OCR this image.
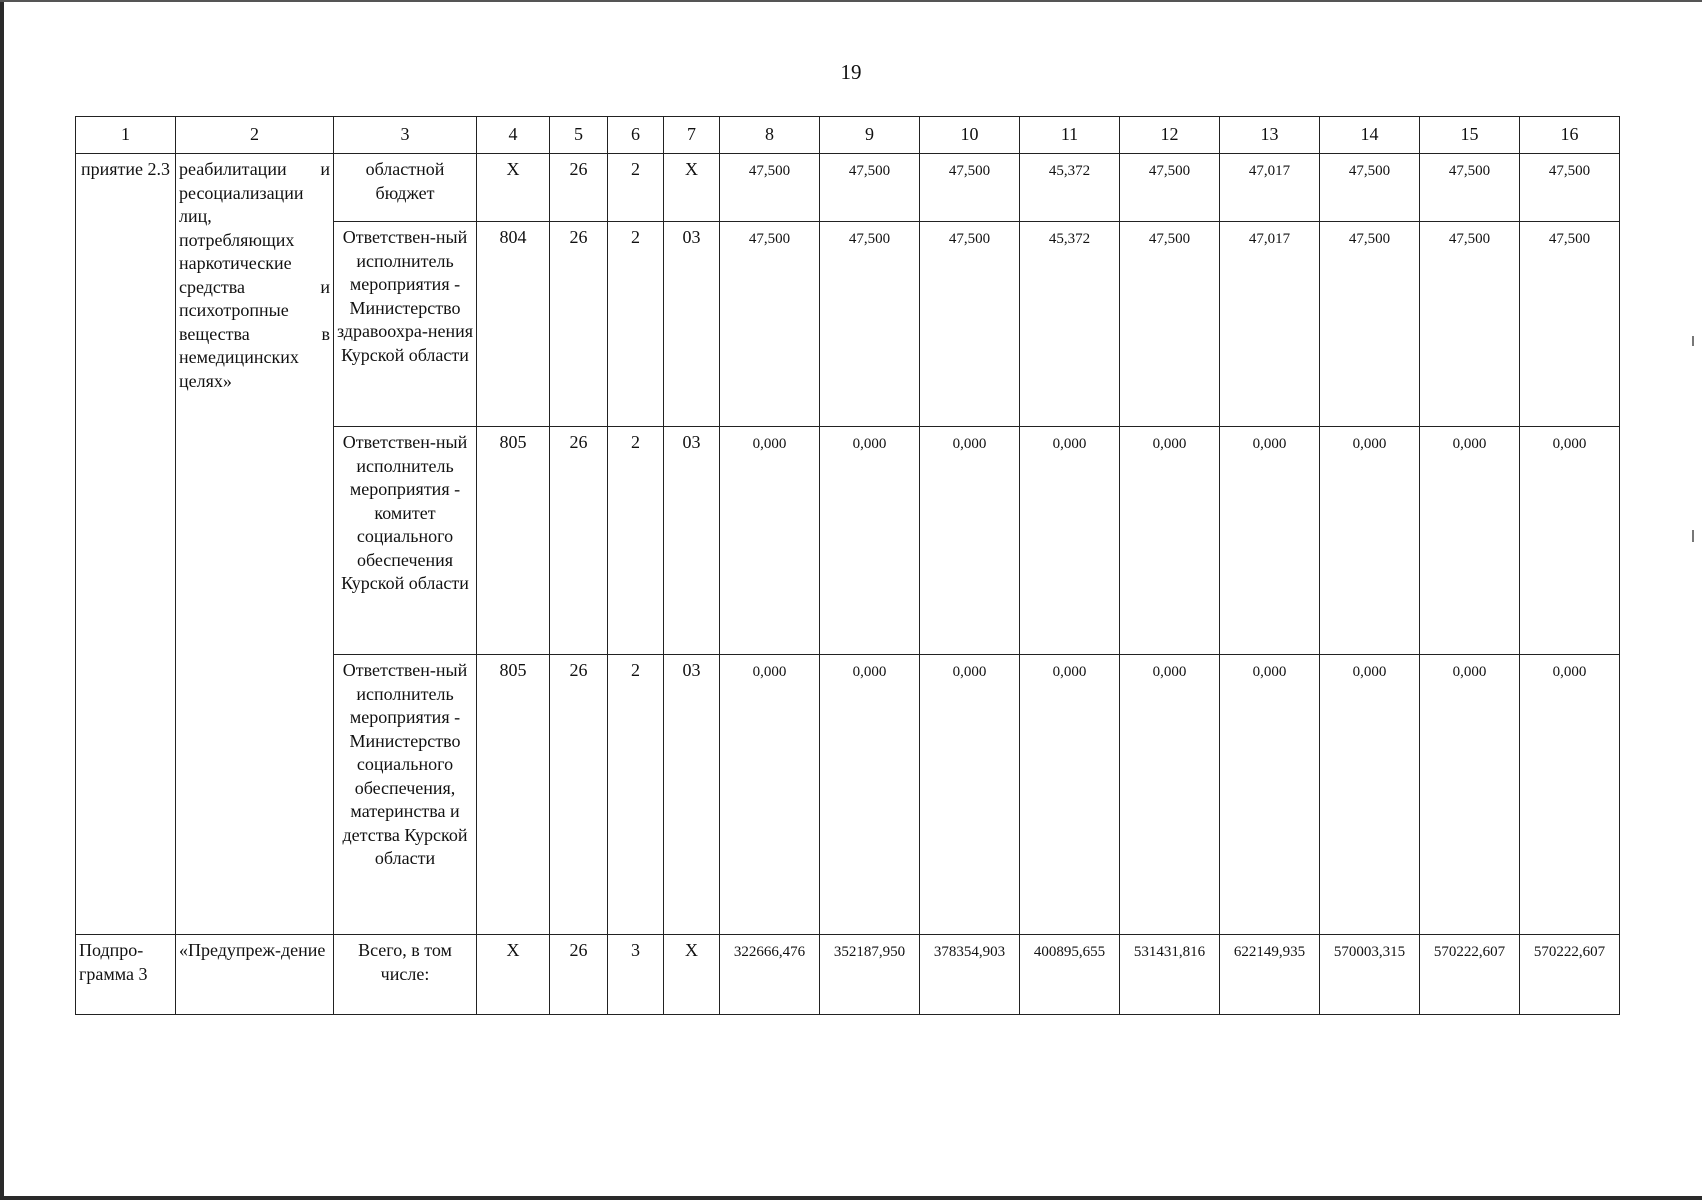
19
1	2	3	4	5	6	7	8	9	10	11	12	13	14	15	16
приятие 2.3	реабилитации и ресоциализации лиц, потребляющих наркотические средства и психотропные вещества в немедицинских целях»	областной бюджет	X	26	2	X	47,500	47,500	47,500	45,372	47,500	47,017	47,500	47,500	47,500
		Ответствен-ный исполнитель мероприятия - Министерство здравоохра-нения Курской области	804	26	2	03	47,500	47,500	47,500	45,372	47,500	47,017	47,500	47,500	47,500
		Ответствен-ный исполнитель мероприятия - комитет социального обеспечения Курской области	805	26	2	03	0,000	0,000	0,000	0,000	0,000	0,000	0,000	0,000	0,000
		Ответствен-ный исполнитель мероприятия - Министерство социального обеспечения, материнства и детства Курской области	805	26	2	03	0,000	0,000	0,000	0,000	0,000	0,000	0,000	0,000	0,000
Подпро-грамма 3	«Предупреж-дение	Всего, в том числе:	X	26	3	X	322666,476	352187,950	378354,903	400895,655	531431,816	622149,935	570003,315	570222,607	570222,607
